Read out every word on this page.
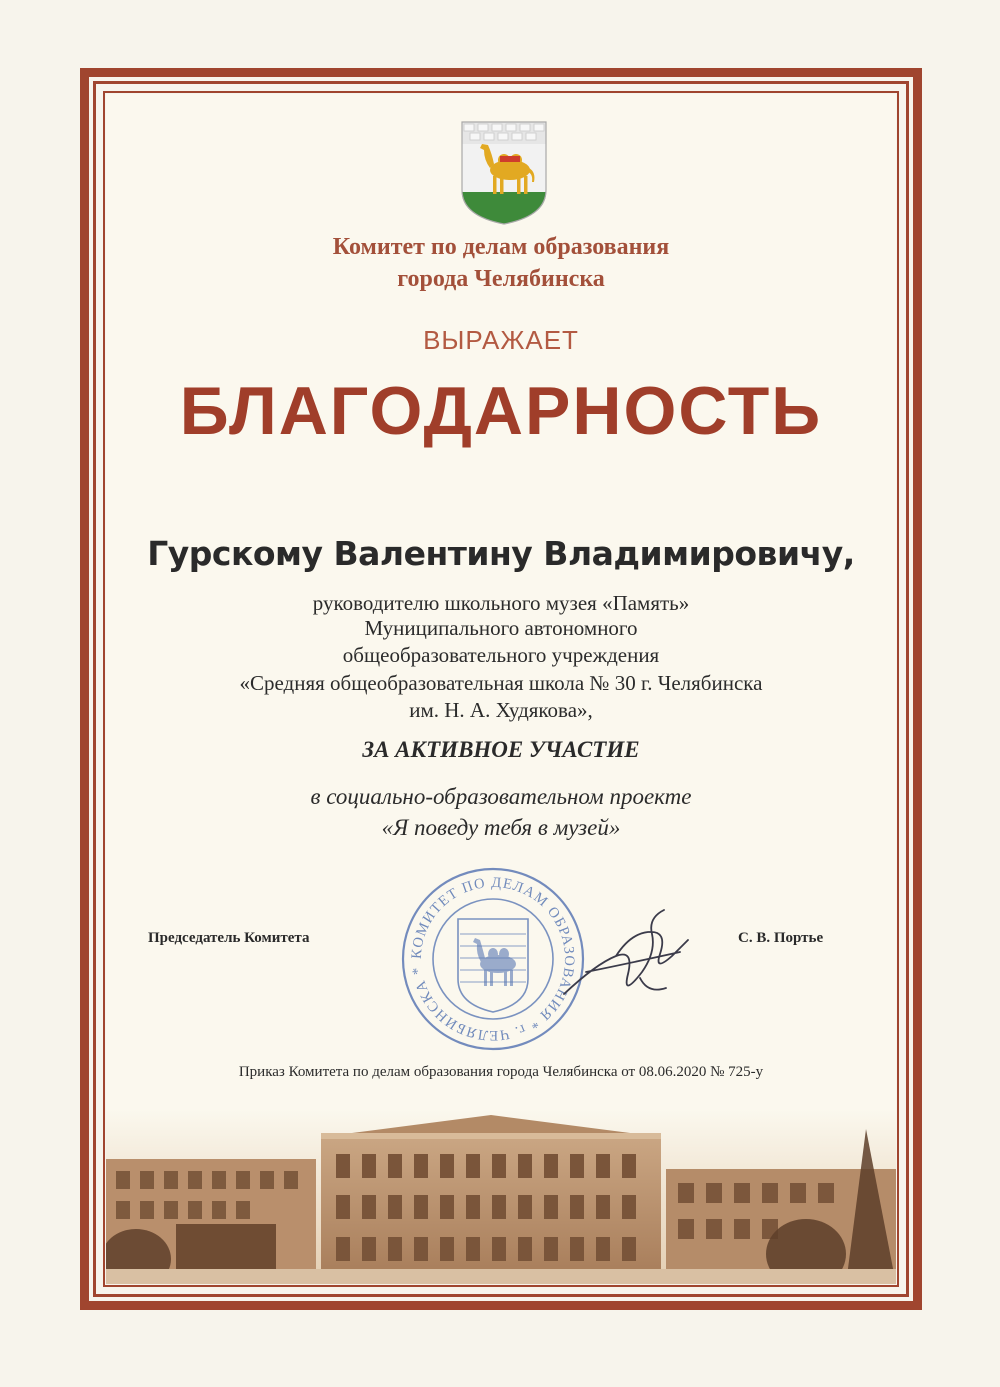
Комитет по делам образования
города Челябинска
ВЫРАЖАЕТ
БЛАГОДАРНОСТЬ
Гурскому Валентину Владимировичу,
руководителю школьного музея «Память»
Муниципального автономного
общеобразовательного учреждения
«Средняя общеобразовательная школа № 30 г. Челябинска
им. Н. А. Худякова»,
ЗА АКТИВНОЕ УЧАСТИЕ
в социально-образовательном проекте
«Я поведу тебя в музей»
Председатель Комитета	С. В. Портье
КОМИТЕТ ПО ДЕЛАМ ОБРАЗОВАНИЯ * г. ЧЕЛЯБИНСКА *
Приказ Комитета по делам образования города Челябинска от 08.06.2020 № 725-у
